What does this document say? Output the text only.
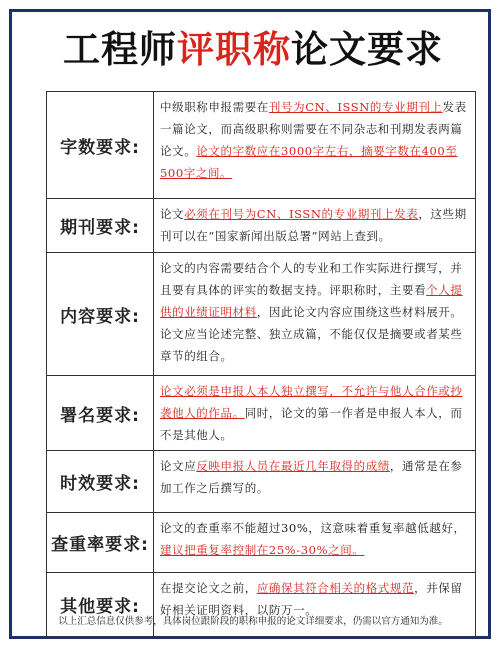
工程师评职称论文要求
字数要求:	中级职称申报需要在刊号为CN、ISSN的专业期刊上发表一篇论文，而高级职称则需要在不同杂志和刊期发表两篇论文。论文的字数应在3000字左右，摘要字数在400至500字之间。
期刊要求:	论文必须在刊号为CN、ISSN的专业期刊上发表，这些期刊可以在“国家新闻出版总署”网站上查到。
内容要求:	论文的内容需要结合个人的专业和工作实际进行撰写，并且要有具体的评实的数据支持。评职称时，主要看个人提供的业绩证明材料，因此论文内容应围绕这些材料展开。论文应当论述完整、独立成篇，不能仅仅是摘要或者某些章节的组合。
署名要求:	论文必须是申报人本人独立撰写，不允许与他人合作或抄袭他人的作品。同时，论文的第一作者是申报人本人，而不是其他人。
时效要求:	论文应反映申报人员在最近几年取得的成绩，通常是在参加工作之后撰写的。
查重率要求:	论文的查重率不能超过30%，这意味着重复率越低越好，建议把重复率控制在25%-30%之间。
其他要求:	在提交论文之前，应确保其符合相关的格式规范，并保留好相关证明资料，以防万一。
以上汇总信息仅供参考，具体岗位跟阶段的职称申报的论文详细要求，仍需以官方通知为准。
